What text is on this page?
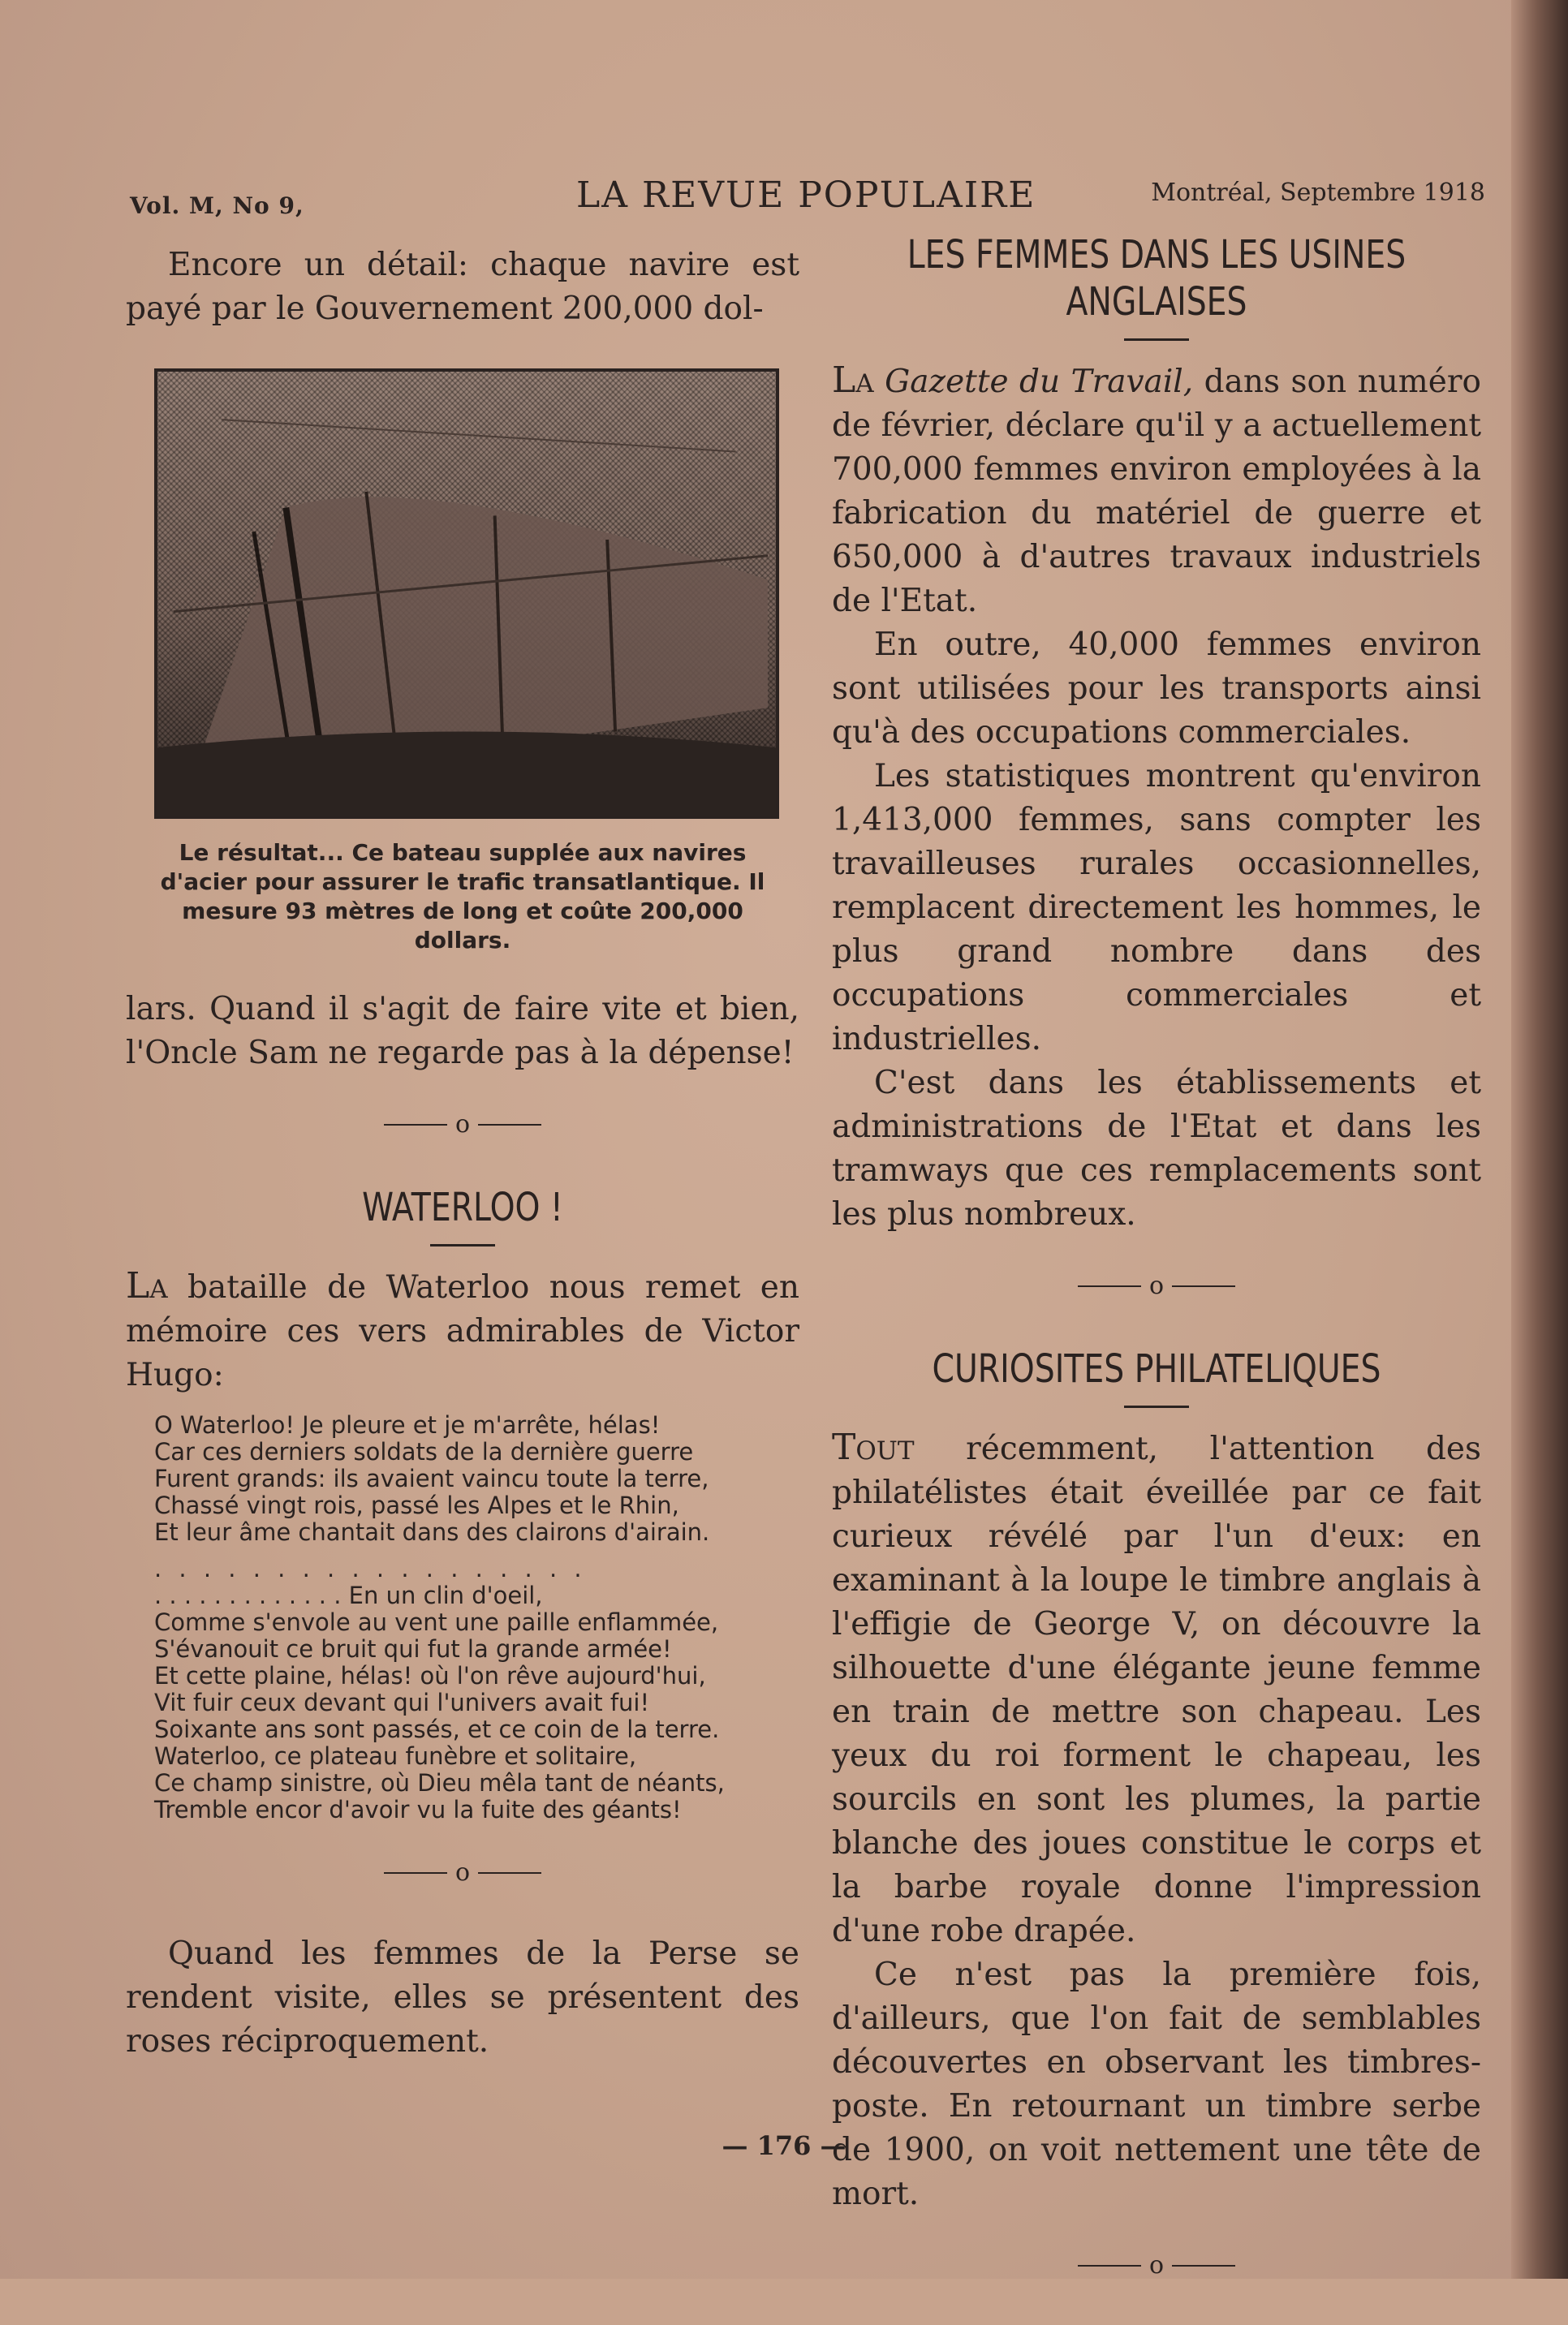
Vol. M, No 9,	LA REVUE POPULAIRE	Montréal, Septembre 1918

Encore un détail: chaque navire est payé par le Gouvernement 200,000 dol-

Le résultat... Ce bateau supplée aux navires d'acier pour assurer le trafic transatlantique. Il mesure 93 mètres de long et coûte 200,000 dollars.

lars. Quand il s'agit de faire vite et bien, l'Oncle Sam ne regarde pas à la dépense!

o
WATERLOO !

La bataille de Waterloo nous remet en mémoire ces vers admirables de Victor Hugo:

O Waterloo! Je pleure et je m'arrête, hélas!
Car ces derniers soldats de la dernière guerre
Furent grands: ils avaient vaincu toute la terre,
Chassé vingt rois, passé les Alpes et le Rhin,
Et leur âme chantait dans des clairons d'airain.
. . . . . . . . . . . . . . . . . .
. . . . . . . . . . . . . En un clin d'oeil,
Comme s'envole au vent une paille enflammée,
S'évanouit ce bruit qui fut la grande armée!
Et cette plaine, hélas! où l'on rêve aujourd'hui,
Vit fuir ceux devant qui l'univers avait fui!
Soixante ans sont passés, et ce coin de la terre.
Waterloo, ce plateau funèbre et solitaire,
Ce champ sinistre, où Dieu mêla tant de néants,
Tremble encor d'avoir vu la fuite des géants!
o

Quand les femmes de la Perse se rendent visite, elles se présentent des roses réciproquement.

LES FEMMES DANS LES USINES ANGLAISES

La Gazette du Travail, dans son numéro de février, déclare qu'il y a actuellement 700,000 femmes environ employées à la fabrication du matériel de guerre et 650,000 à d'autres travaux industriels de l'Etat.

En outre, 40,000 femmes environ sont utilisées pour les transports ainsi qu'à des occupations commerciales.

Les statistiques montrent qu'environ 1,413,000 femmes, sans compter les travailleuses rurales occasionnelles, remplacent directement les hommes, le plus grand nombre dans des occupations commerciales et industrielles.

C'est dans les établissements et administrations de l'Etat et dans les tramways que ces remplacements sont les plus nombreux.

o
CURIOSITES PHILATELIQUES

Tout récemment, l'attention des philatélistes était éveillée par ce fait curieux révélé par l'un d'eux: en examinant à la loupe le timbre anglais à l'effigie de George V, on découvre la silhouette d'une élégante jeune femme en train de mettre son chapeau. Les yeux du roi forment le chapeau, les sourcils en sont les plumes, la partie blanche des joues constitue le corps et la barbe royale donne l'impression d'une robe drapée.

Ce n'est pas la première fois, d'ailleurs, que l'on fait de semblables découvertes en observant les timbres-poste. En retournant un timbre serbe de 1900, on voit nettement une tête de mort.

o
— 176 —
